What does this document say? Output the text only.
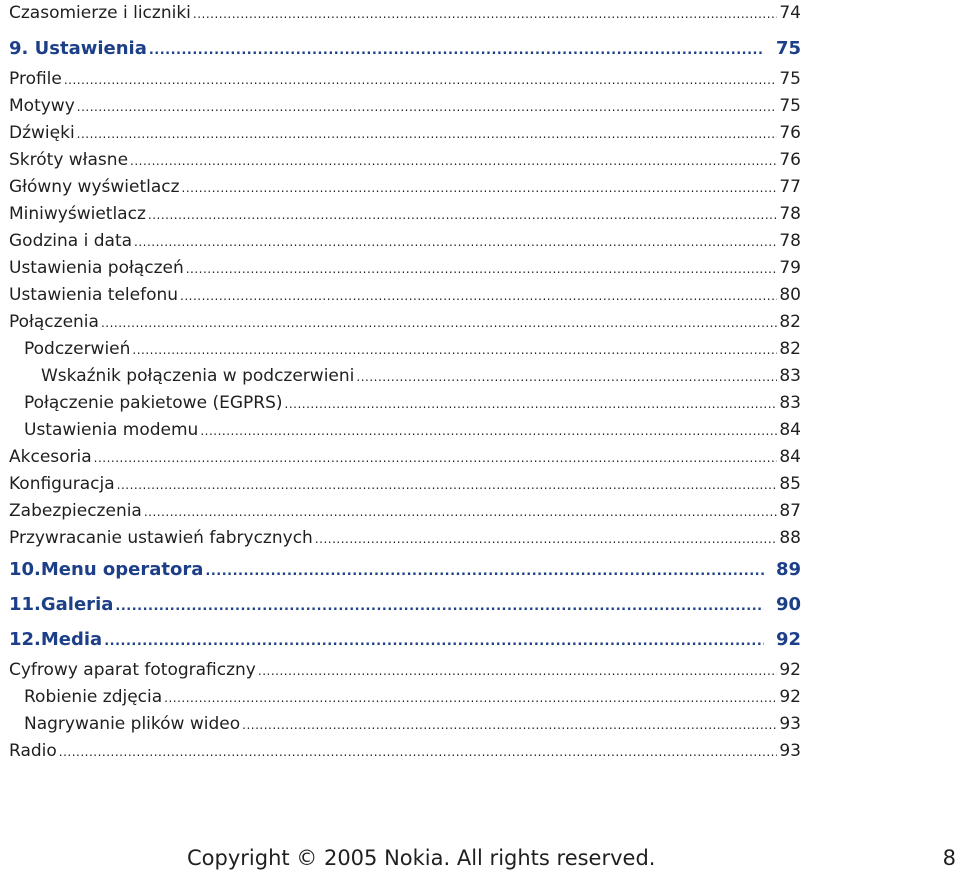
Czasomierze i liczniki .....	74
9. Ustawienia .....	75
Profile .....	75
Motywy .....	75
Dźwięki .....	76
Skróty własne .....	76
Główny wyświetlacz .....	77
Miniwyświetlacz .....	78
Godzina i data .....	78
Ustawienia połączeń .....	79
Ustawienia telefonu .....	80
Połączenia .....	82
Podczerwień .....	82
Wskaźnik połączenia w podczerwieni .....	83
Połączenie pakietowe (EGPRS) .....	83
Ustawienia modemu .....	84
Akcesoria .....	84
Konfiguracja .....	85
Zabezpieczenia .....	87
Przywracanie ustawień fabrycznych .....	88
10.Menu operatora .....	89
11.Galeria .....	90
12.Media .....	92
Cyfrowy aparat fotograficzny .....	92
Robienie zdjęcia .....	92
Nagrywanie plików wideo .....	93
Radio .....	93
Copyright © 2005 Nokia. All rights reserved.	8
